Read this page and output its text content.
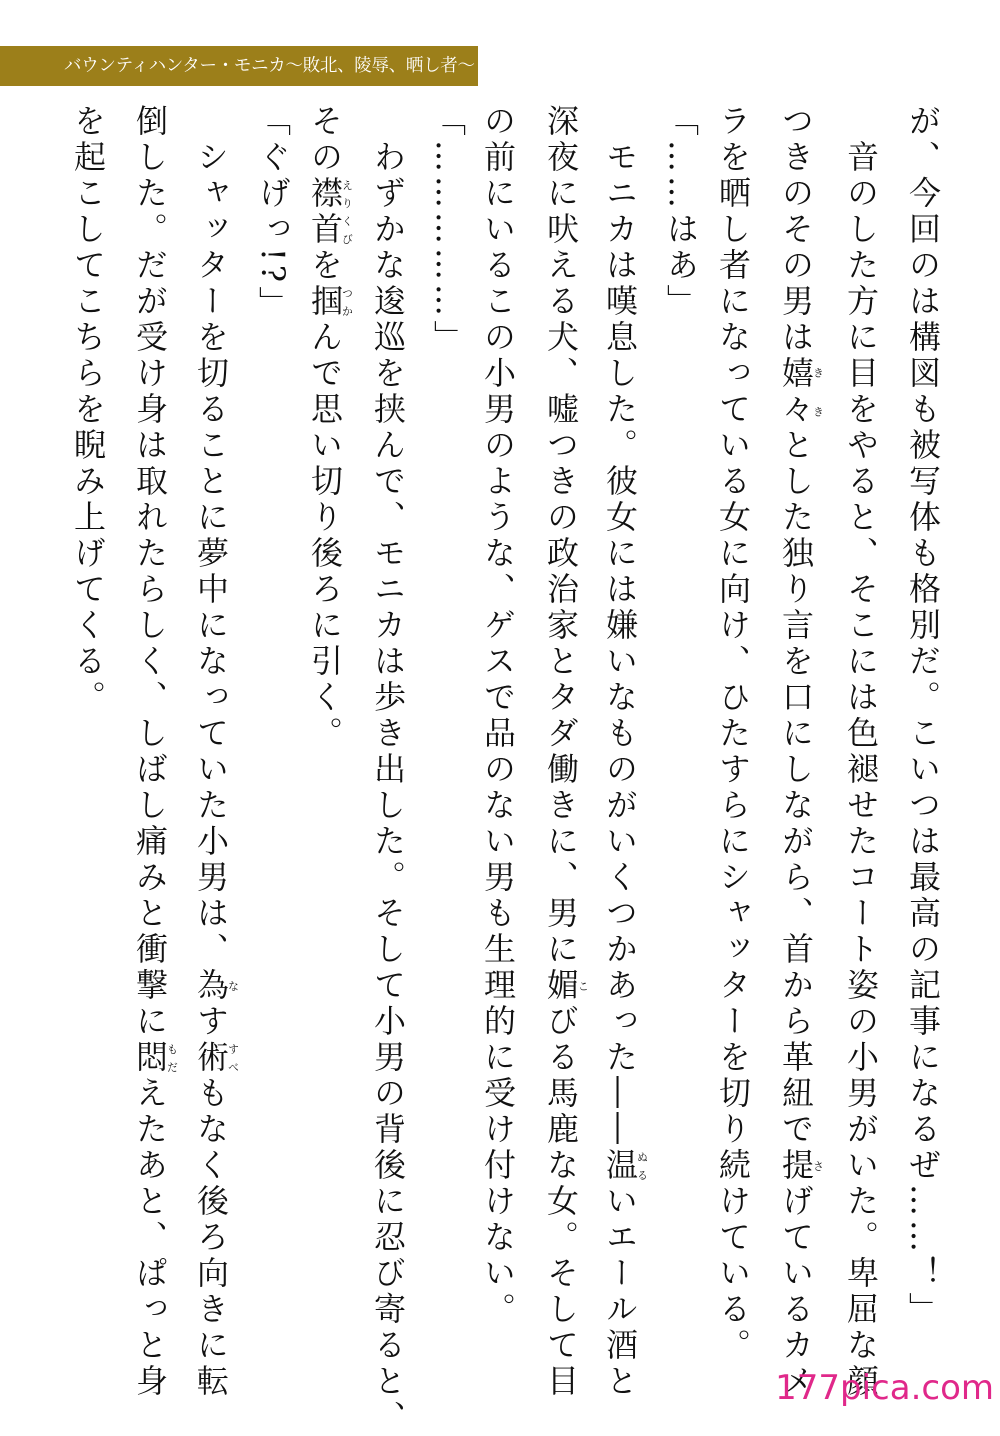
バウンティハンター・モニカ〜敗北、陵辱、晒し者〜
が、今回のは構図も被写体も格別だ。こいつは最高の記事になるぜ……！」
　音のした方に目をやると、そこには色褪せたコート姿の小男がいた。卑屈な顔
つきのその男は嬉々ききとした独り言を口にしながら、首から革紐で提さげているカメ
ラを晒し者になっている女に向け、ひたすらにシャッターを切り続けている。
「……はあ」
　モニカは嘆息した。彼女には嫌いなものがいくつかあった――温ぬるいエール酒と
深夜に吠える犬、嘘つきの政治家とタダ働きに、男に媚こびる馬鹿な女。そして目
の前にいるこの小男のような、ゲスで品のない男も生理的に受け付けない。
「……………」
　わずかな逡巡を挟んで、モニカは歩き出した。そして小男の背後に忍び寄ると、
その襟首えりくびを掴つかんで思い切り後ろに引く。
「ぐげっ!?」
　シャッターを切ることに夢中になっていた小男は、為なす術すべもなく後ろ向きに転
倒した。だが受け身は取れたらしく、しばし痛みと衝撃に悶もだえたあと、ぱっと身
を起こしてこちらを睨み上げてくる。
177pica.com
